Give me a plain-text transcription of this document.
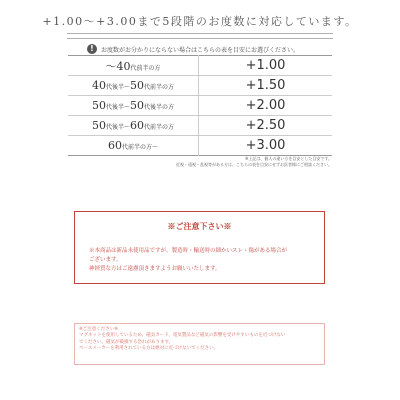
+1.00～+3.00まで5段階のお度数に対応しています。
!	お度数がお分かりにならない場合はこちらの表を目安にお選びください。
～40代前半の方	+1.00
40代後半～50代前半の方	+1.50
50代後半～50代後半の方	+2.00
50代後半～60代前半の方	+2.50
60代前半の方～	+3.00
※上記は、個人の違い方を目安とした目安です。
近視・遠視・乱視等がある方は、こちらの表を目安にせずお医者様にご相談ください。
※ご注意下さい※
※本商品は新品未使用品ですが、製造時・輸送時の細かいスレ・傷がある場合が
ございます。
神経質な方はご遠慮頂きますようお願いいたします。
※ご注意ください※
マグネットを使用しているため、磁気カード、電気製品など磁気の影響を受けやすいものを近づけない
でください。磁気が破損する恐れがあります。
ペースメーカーを利用されている方は絶対に近づけないでください。
